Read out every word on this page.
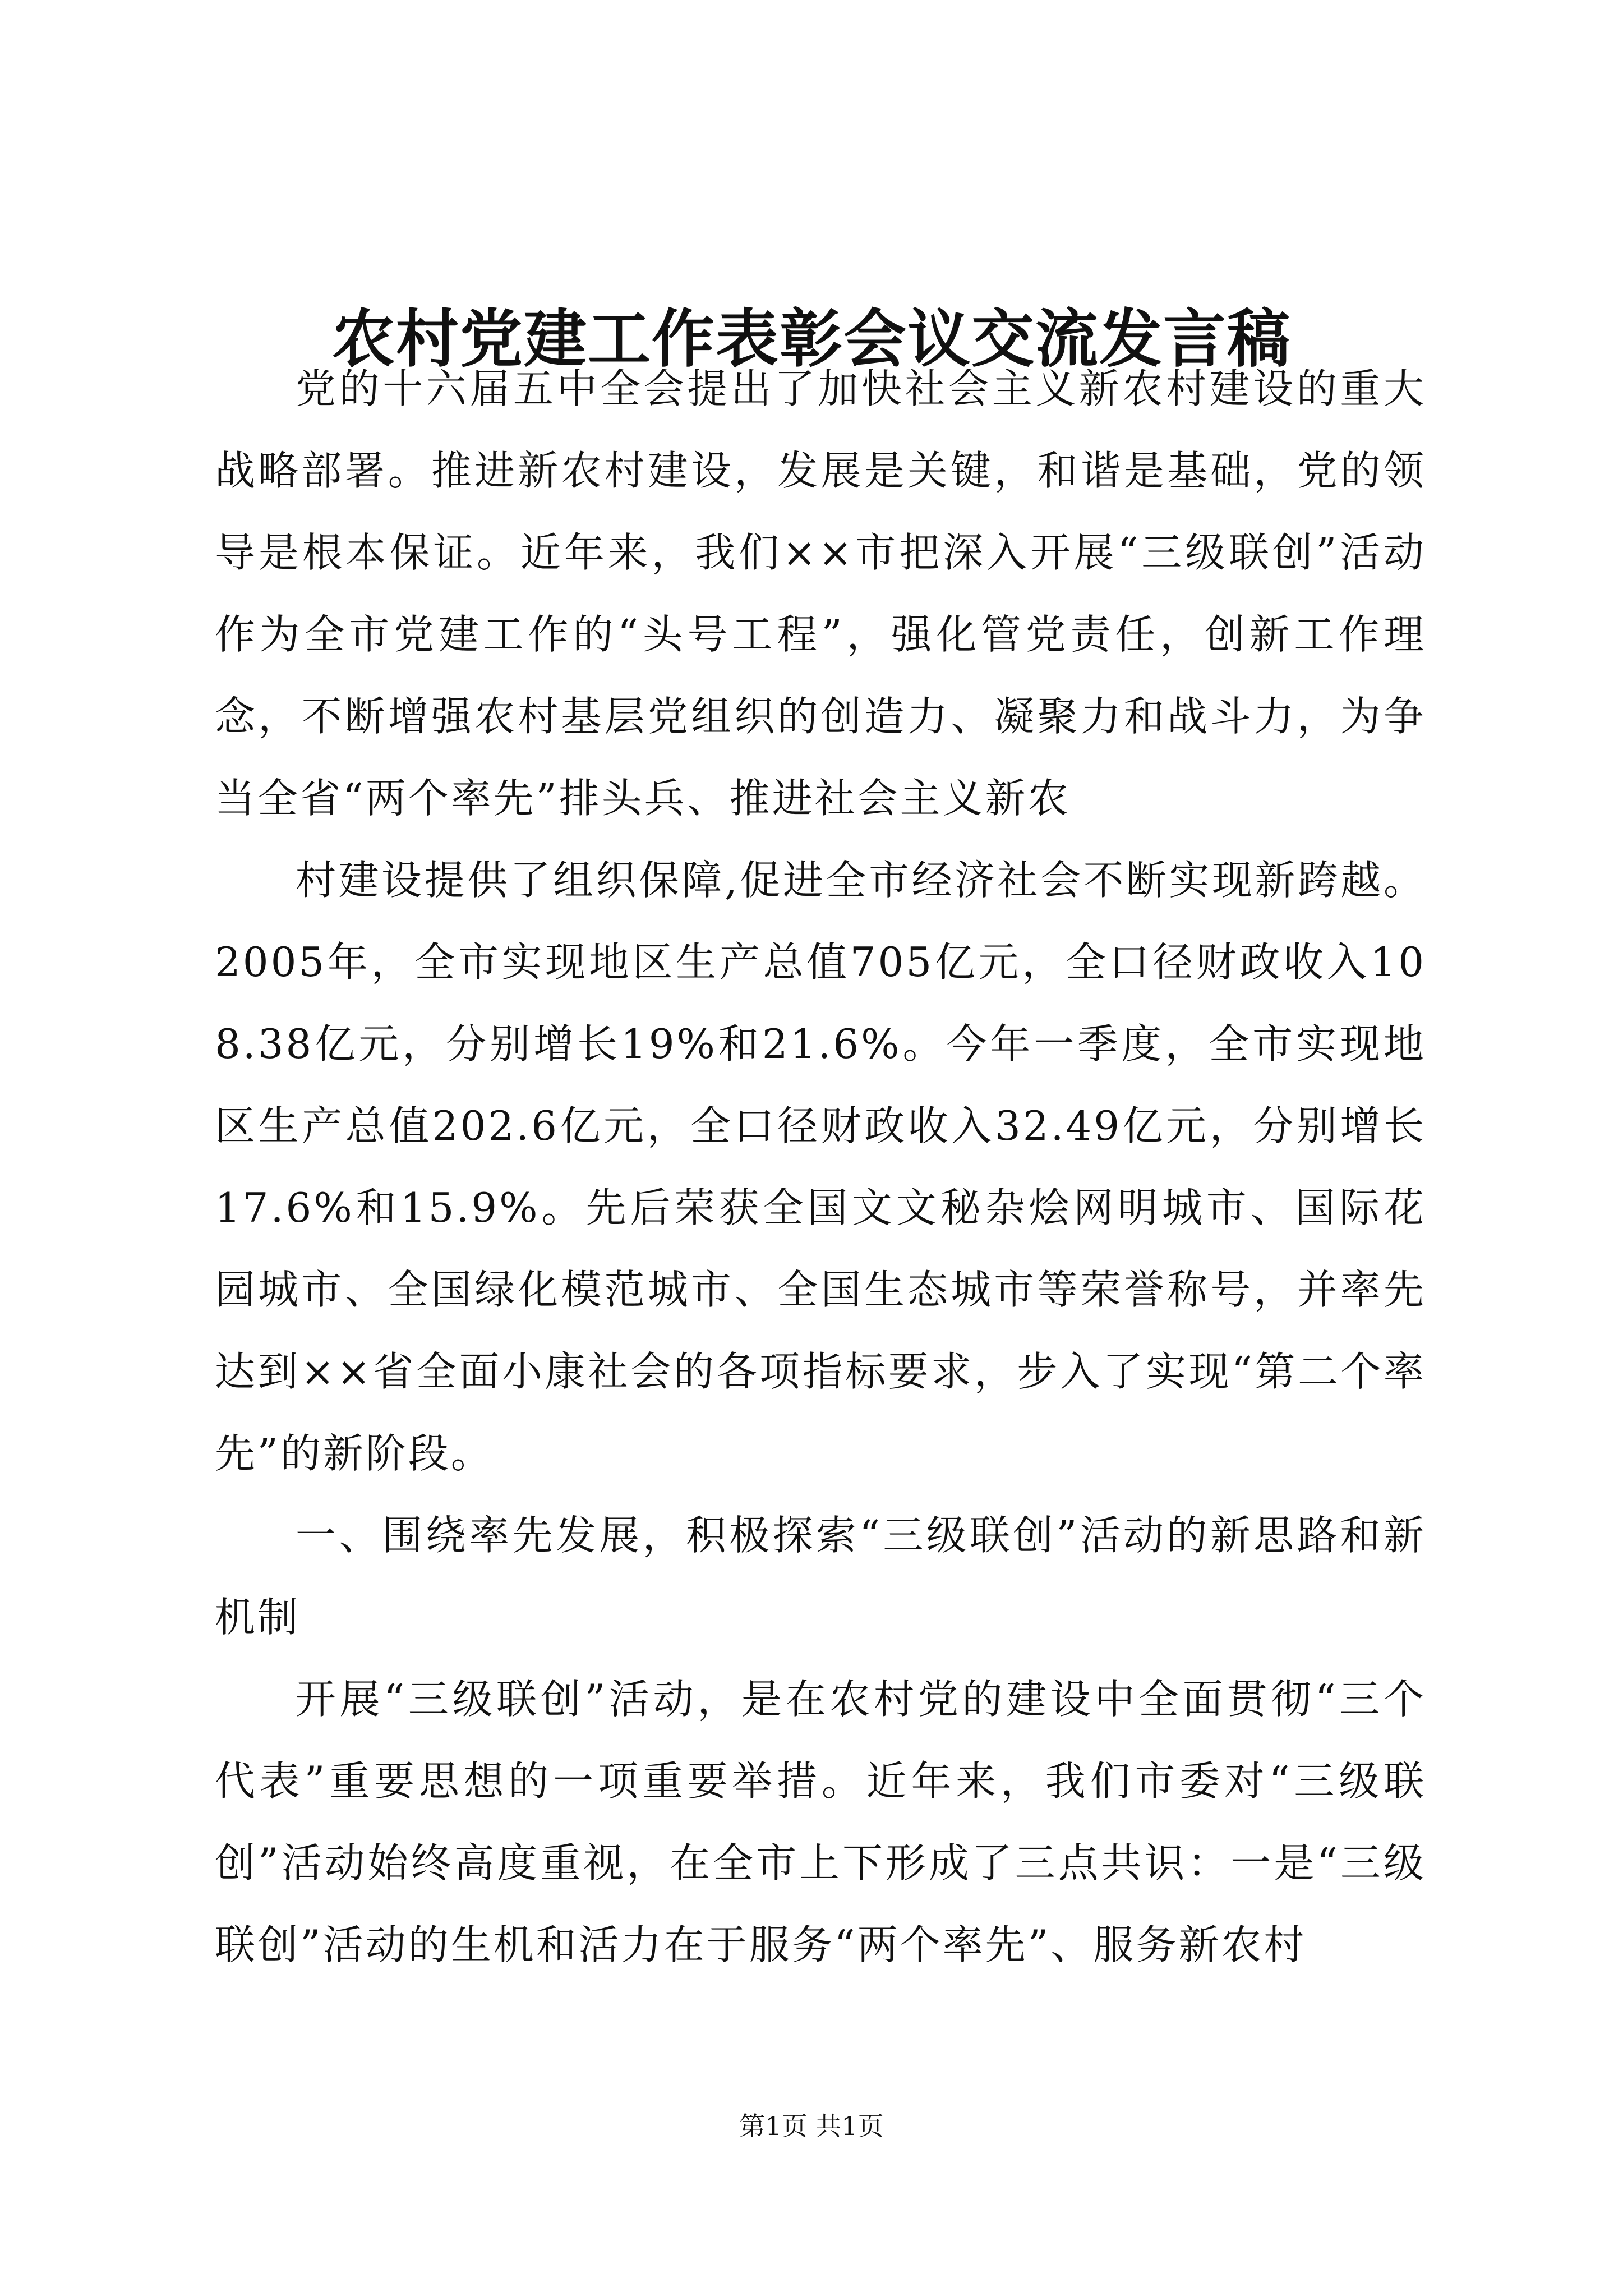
农村党建工作表彰会议交流发言稿

党的十六届五中全会提出了加快社会主义新农村建设的重大战略部署。推进新农村建设，发展是关键，和谐是基础，党的领导是根本保证。近年来，我们××市把深入开展“三级联创”活动作为全市党建工作的“头号工程”，强化管党责任，创新工作理念，不断增强农村基层党组织的创造力、凝聚力和战斗力，为争当全省“两个率先”排头兵、推进社会主义新农

村建设提供了组织保障,促进全市经济社会不断实现新跨越。2005年，全市实现地区生产总值705亿元，全口径财政收入108.38亿元，分别增长19%和21.6%。今年一季度，全市实现地区生产总值202.6亿元，全口径财政收入32.49亿元，分别增长17.6%和15.9%。先后荣获全国文文秘杂烩网明城市、国际花园城市、全国绿化模范城市、全国生态城市等荣誉称号，并率先达到××省全面小康社会的各项指标要求，步入了实现“第二个率先”的新阶段。

一、围绕率先发展，积极探索“三级联创”活动的新思路和新机制

开展“三级联创”活动，是在农村党的建设中全面贯彻“三个代表”重要思想的一项重要举措。近年来，我们市委对“三级联创”活动始终高度重视，在全市上下形成了三点共识：一是“三级联创”活动的生机和活力在于服务“两个率先”、服务新农村

第1页 共1页
